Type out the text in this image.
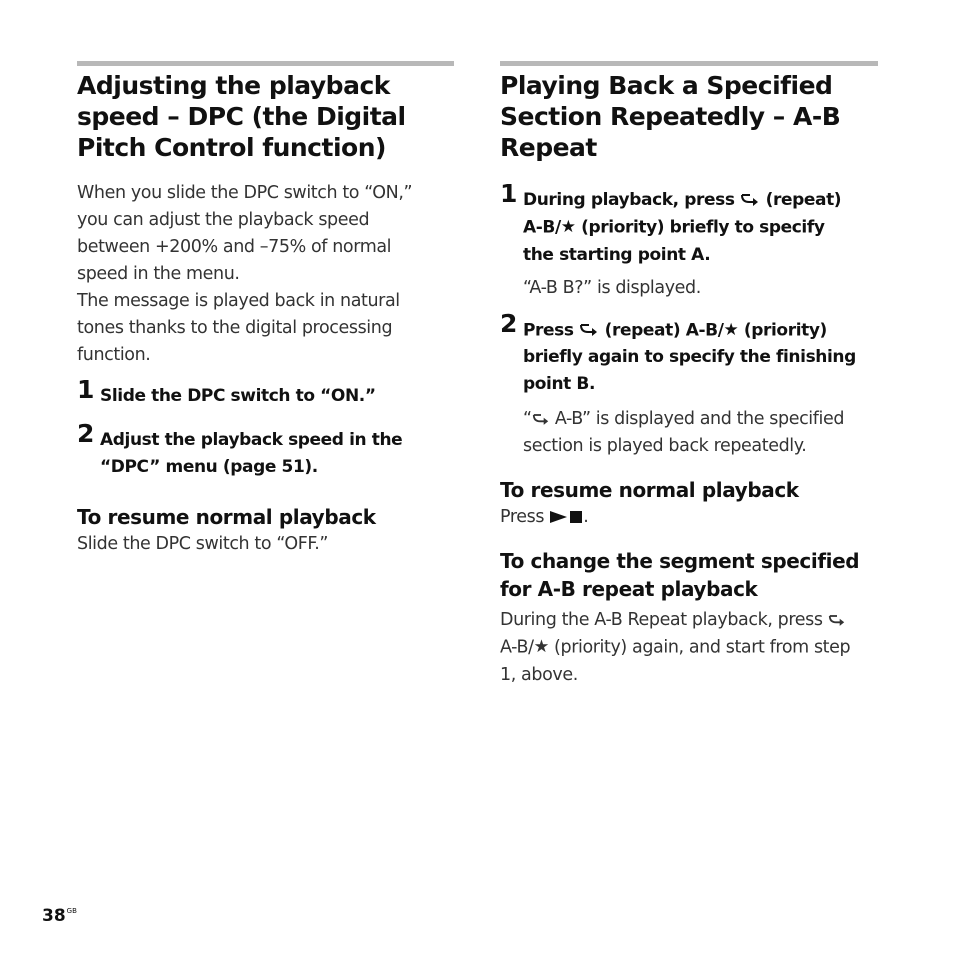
Adjusting the playback
speed – DPC (the Digital
Pitch Control function)

When you slide the DPC switch to “ON,”
you can adjust the playback speed
between +200% and –75% of normal
speed in the menu.
The message is played back in natural
tones thanks to the digital processing
function.

1 Slide the DPC switch to “ON.”
2 Adjust the playback speed in the
“DPC” menu (page 51).
To resume normal playback

Slide the DPC switch to “OFF.”

Playing Back a Specified
Section Repeatedly – A-B
Repeat
1 During playback, press  (repeat)
A-B/★ (priority) briefly to specify
the starting point A.
“A-B B?” is displayed.
2 Press  (repeat) A-B/★ (priority)
briefly again to specify the finishing
point B.
“ A-B” is displayed and the specified
section is played back repeatedly.
To resume normal playback

Press .

To change the segment specified
for A-B repeat playback

During the A-B Repeat playback, press
A-B/★ (priority) again, and start from step
1, above.

$38^{GB}$
